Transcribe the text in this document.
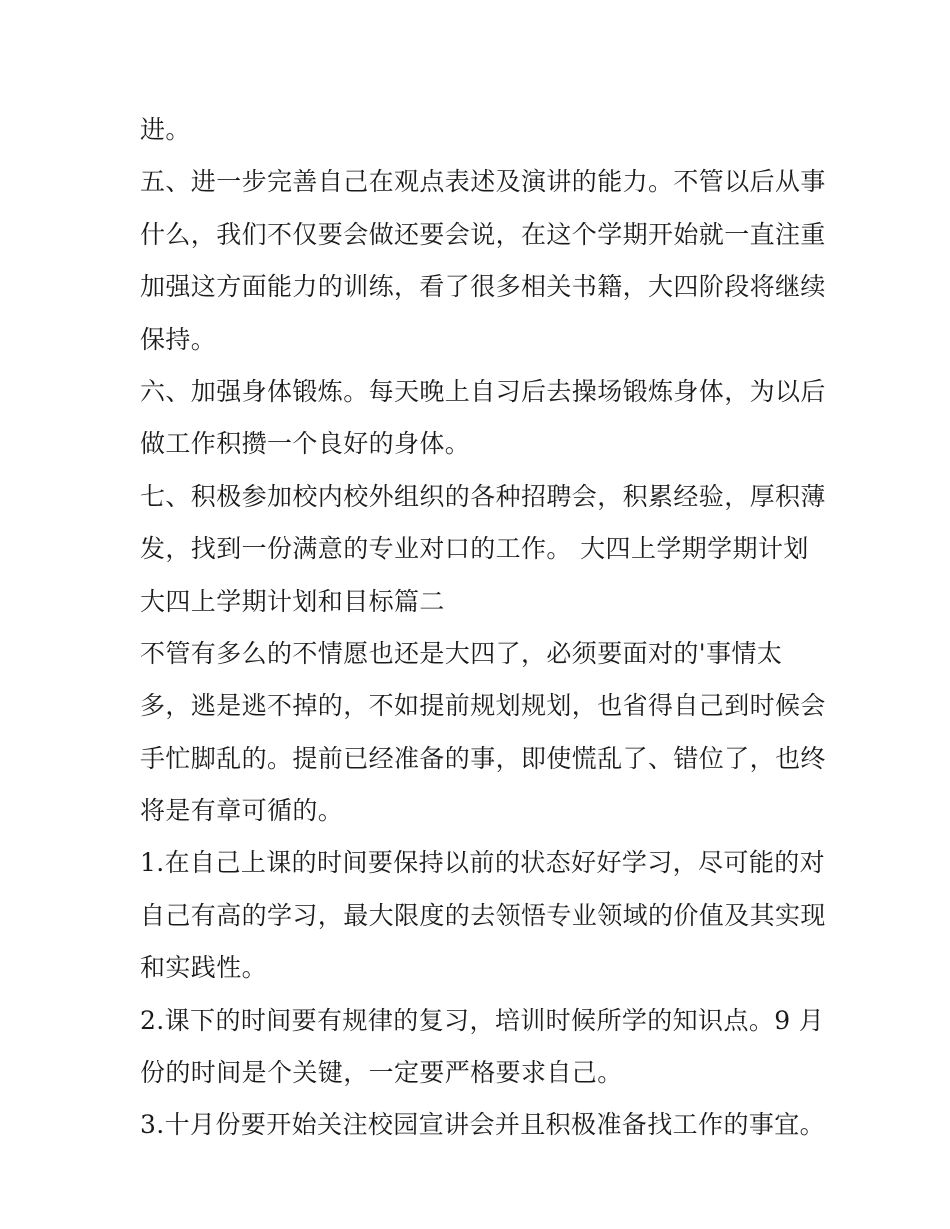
进。
五、进一步完善自己在观点表述及演讲的能力。不管以后从事
什么，我们不仅要会做还要会说，在这个学期开始就一直注重
加强这方面能力的训练，看了很多相关书籍，大四阶段将继续
保持。
六、加强身体锻炼。每天晚上自习后去操场锻炼身体，为以后
做工作积攒一个良好的身体。
七、积极参加校内校外组织的各种招聘会，积累经验，厚积薄
发，找到一份满意的专业对口的工作。 大四上学期学期计划
大四上学期计划和目标篇二
不管有多么的不情愿也还是大四了，必须要面对的'事情太
多，逃是逃不掉的，不如提前规划规划，也省得自己到时候会
手忙脚乱的。提前已经准备的事，即使慌乱了、错位了，也终
将是有章可循的。
1.在自己上课的时间要保持以前的状态好好学习，尽可能的对
自己有高的学习，最大限度的去领悟专业领域的价值及其实现
和实践性。
2.课下的时间要有规律的复习，培训时候所学的知识点。9 月
份的时间是个关键，一定要严格要求自己。
3.十月份要开始关注校园宣讲会并且积极准备找工作的事宜。
